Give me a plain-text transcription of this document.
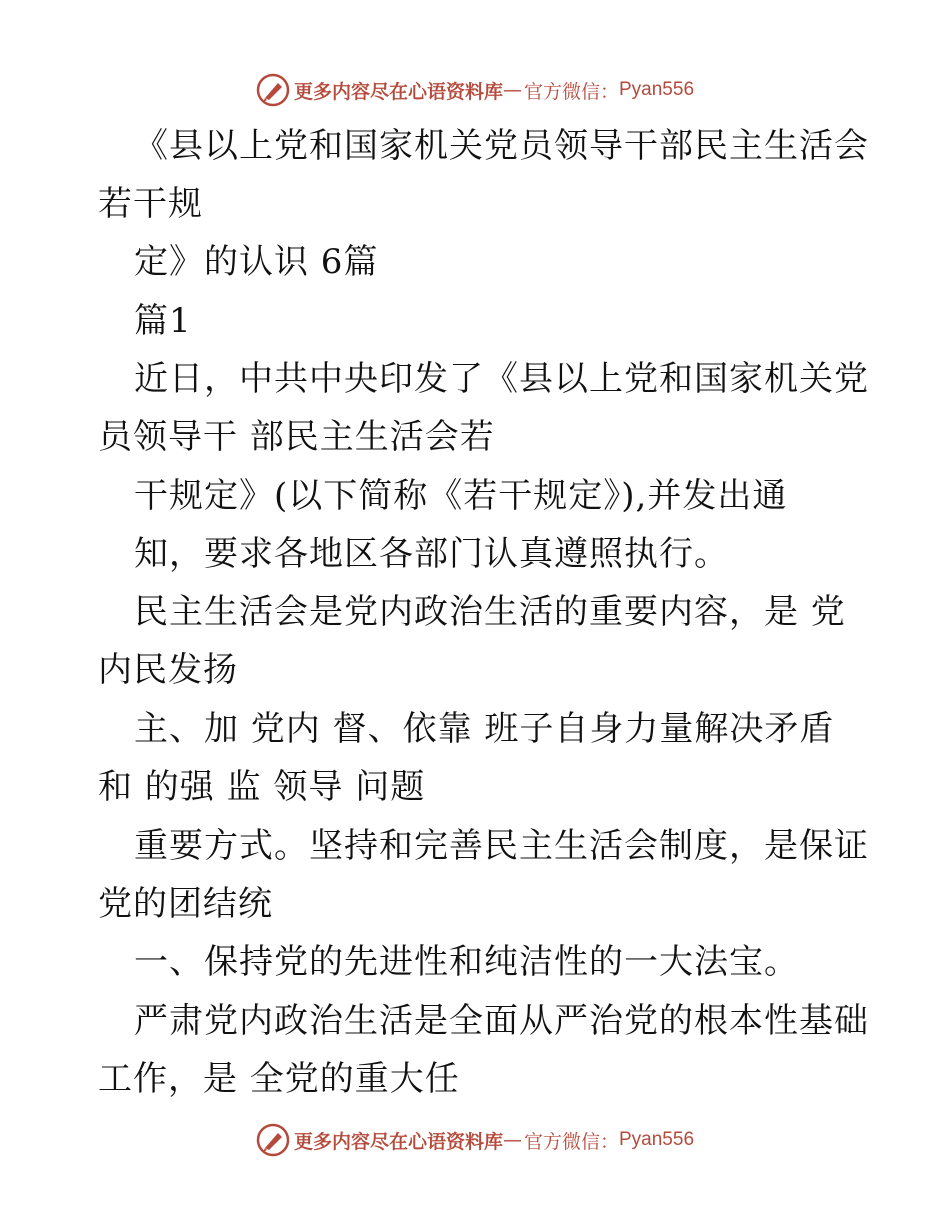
更多内容尽在心语资料库 — 官方微信： Pyan556
《县以上党和国家机关党员领导干部民主生活会
若干规
定》的认识 6篇
篇1
近日，中共中央印发了《县以上党和国家机关党
员领导干 部民主生活会若
干规定》(以下简称《若干规定》),并发出通
知，要求各地区各部门认真遵照执行。
民主生活会是党内政治生活的重要内容，是 党
内民发扬
主、加 党内 督、依靠 班子自身力量解决矛盾
和 的强 监 领导 问题
重要方式。坚持和完善民主生活会制度，是保证
党的团结统
一、保持党的先进性和纯洁性的一大法宝。
严肃党内政治生活是全面从严治党的根本性基础
工作，是 全党的重大任
更多内容尽在心语资料库 — 官方微信： Pyan556
